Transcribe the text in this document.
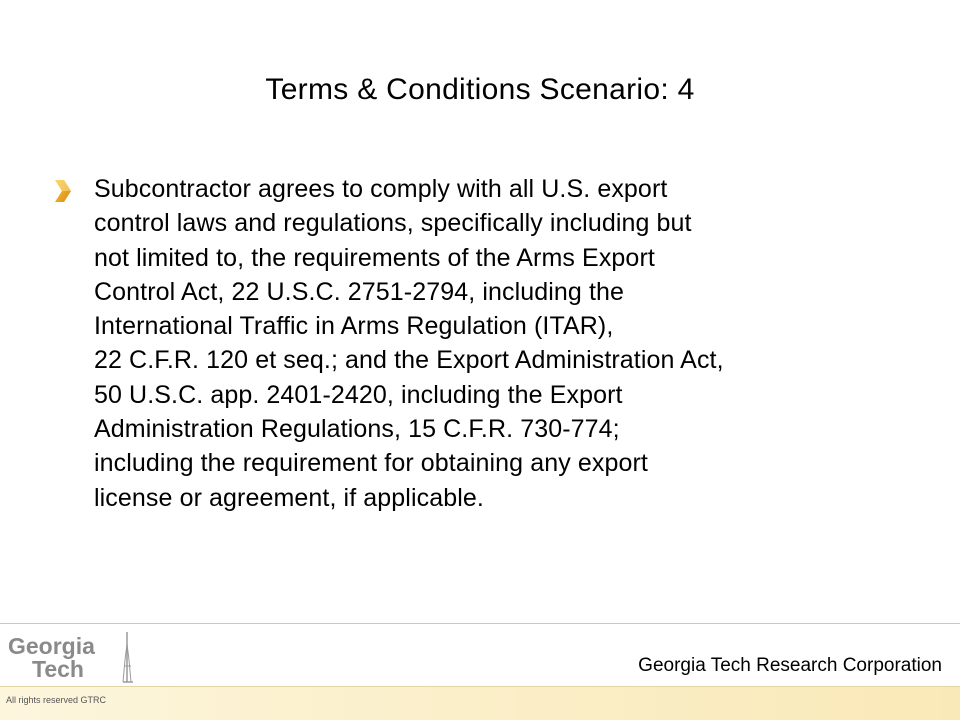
Terms & Conditions Scenario: 4
Subcontractor agrees to comply with all U.S. export
control laws and regulations, specifically including but
not limited to, the requirements of the Arms Export
Control Act, 22 U.S.C. 2751-2794, including the
International Traffic in Arms Regulation (ITAR),
22 C.F.R. 120 et seq.; and the Export Administration Act,
50 U.S.C. app. 2401-2420, including the Export
Administration Regulations, 15 C.F.R. 730-774;
including the requirement for obtaining any export
license or agreement, if applicable.
Georgia
Tech	Georgia Tech Research Corporation
All rights reserved GTRC
